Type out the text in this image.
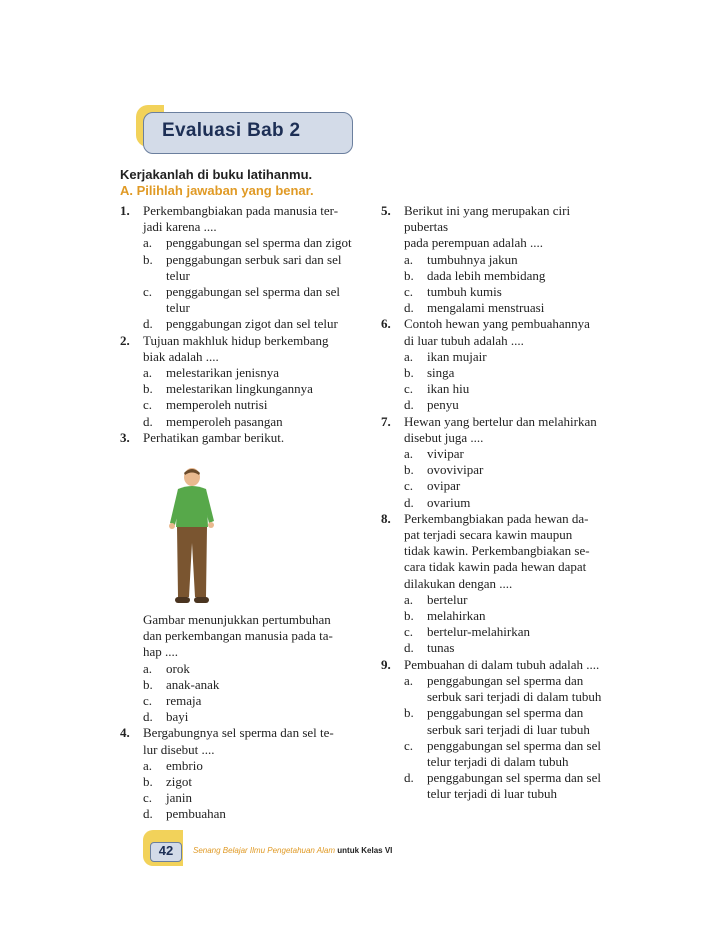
Evaluasi Bab 2
Kerjakanlah di buku latihanmu.
A. Pilihlah jawaban yang benar.
1. Perkembangbiakan pada manusia ter-
jadi karena ....
a. penggabungan sel sperma dan zigot
b. penggabungan serbuk sari dan sel telur
c. penggabungan sel sperma dan sel telur
d. penggabungan zigot dan sel telur
2. Tujuan makhluk hidup berkembang
biak adalah ....
a. melestarikan jenisnya
b. melestarikan lingkungannya
c. memperoleh nutrisi
d. memperoleh pasangan
3. Perhatikan gambar berikut.
Gambar menunjukkan pertumbuhan
dan perkembangan manusia pada ta-
hap ....
a. orok
b. anak-anak
c. remaja
d. bayi
4. Bergabungnya sel sperma dan sel te-
lur disebut ....
a. embrio
b. zigot
c. janin
d. pembuahan
5. Berikut ini yang merupakan ciri pubertas
pada perempuan adalah ....
a. tumbuhnya jakun
b. dada lebih membidang
c. tumbuh kumis
d. mengalami menstruasi
6. Contoh hewan yang pembuahannya
di luar tubuh adalah ....
a. ikan mujair
b. singa
c. ikan hiu
d. penyu
7. Hewan yang bertelur dan melahirkan
disebut juga ....
a. vivipar
b. ovovivipar
c. ovipar
d. ovarium
8. Perkembangbiakan pada hewan da-
pat terjadi secara kawin maupun
tidak kawin. Perkembangbiakan se-
cara tidak kawin pada hewan dapat
dilakukan dengan ....
a. bertelur
b. melahirkan
c. bertelur-melahirkan
d. tunas
9. Pembuahan di dalam tubuh adalah ....
a. penggabungan sel sperma dan serbuk sari terjadi di dalam tubuh
b. penggabungan sel sperma dan serbuk sari terjadi di luar tubuh
c. penggabungan sel sperma dan sel telur terjadi di dalam tubuh
d. penggabungan sel sperma dan sel telur terjadi di luar tubuh
42	Senang Belajar Ilmu Pengetahuan Alam untuk Kelas VI
